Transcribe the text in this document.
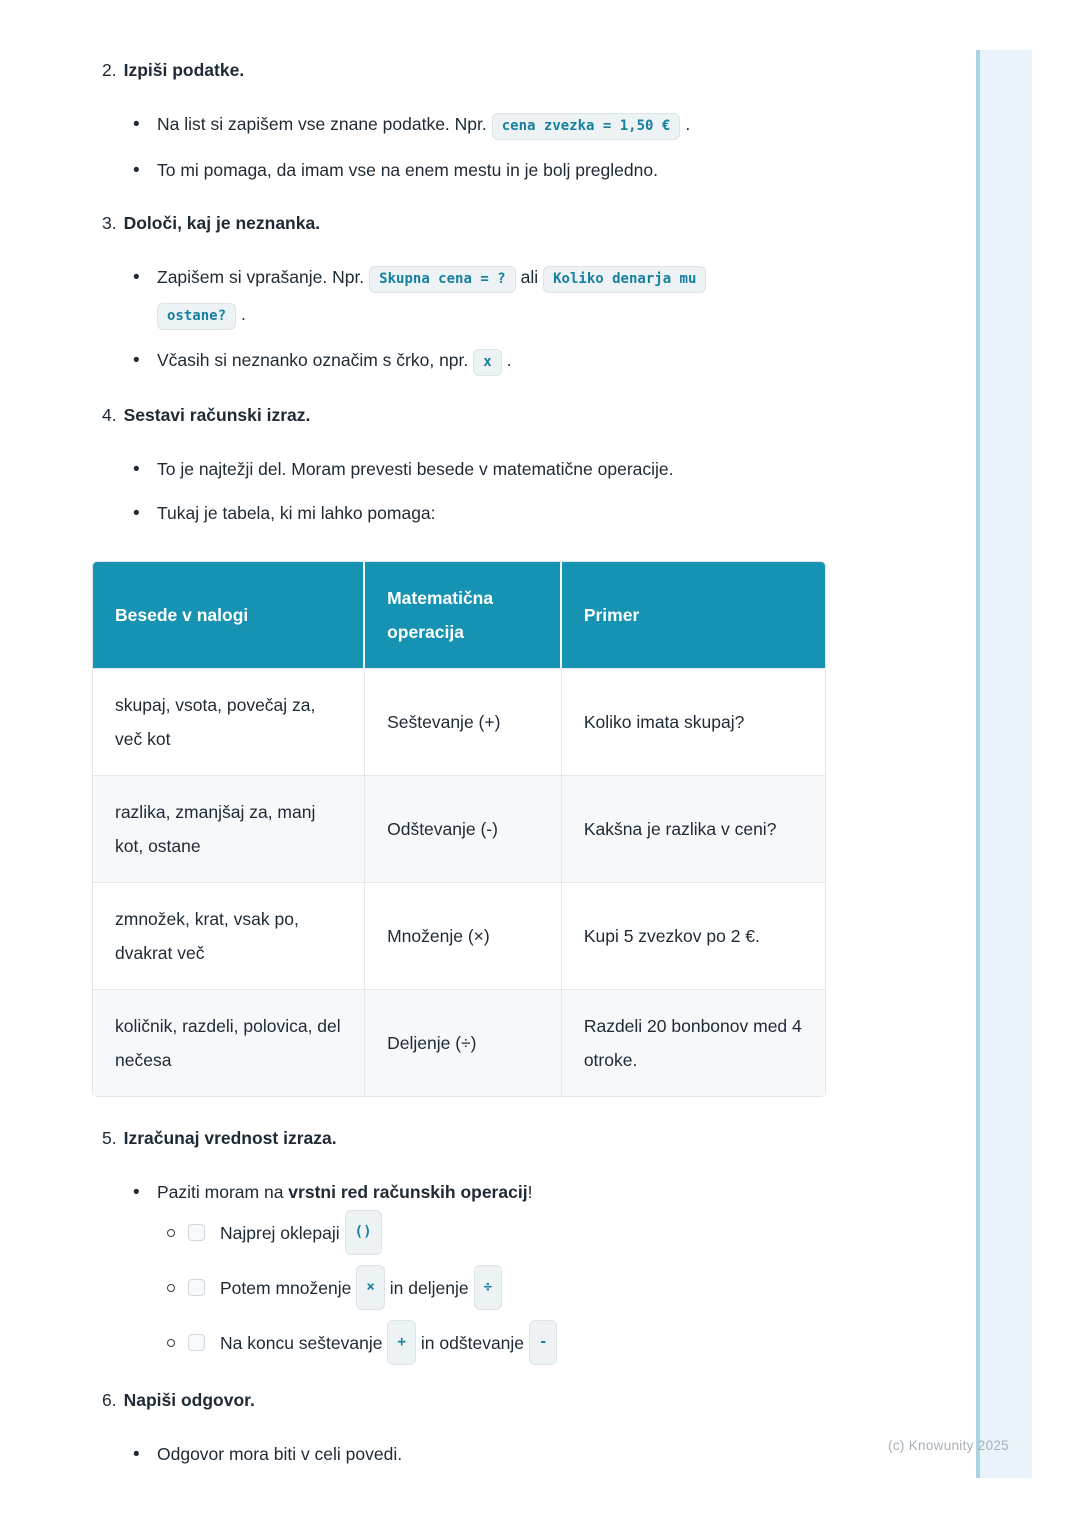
2. Izpiši podatke.
• Na list si zapišem vse znane podatke. Npr. cena zvezka = 1,50 € .
• To mi pomaga, da imam vse na enem mestu in je bolj pregledno.
3. Določi, kaj je neznanka.
• Zapišem si vprašanje. Npr. Skupna cena = ? ali Koliko denarja mu
ostane? .
• Včasih si neznanko označim s črko, npr. x .
4. Sestavi računski izraz.
• To je najtežji del. Moram prevesti besede v matematične operacije.
• Tukaj je tabela, ki mi lahko pomaga:
Besede v nalogi	Matematična operacija	Primer
skupaj, vsota, povečaj za, več kot	Seštevanje (+)	Koliko imata skupaj?
razlika, zmanjšaj za, manj kot, ostane	Odštevanje (-)	Kakšna je razlika v ceni?
zmnožek, krat, vsak po, dvakrat več	Množenje (×)	Kupi 5 zvezkov po 2 €.
količnik, razdeli, polovica, del nečesa	Deljenje (÷)	Razdeli 20 bonbonov med 4 otroke.
5. Izračunaj vrednost izraza.
• Paziti moram na vrstni red računskih operacij!
Najprej oklepaji	()
Potem množenje	× in deljenje	÷
Na koncu seštevanje	+ in odštevanje	-
6. Napiši odgovor.
• Odgovor mora biti v celi povedi.	(c) Knowunity 2025
